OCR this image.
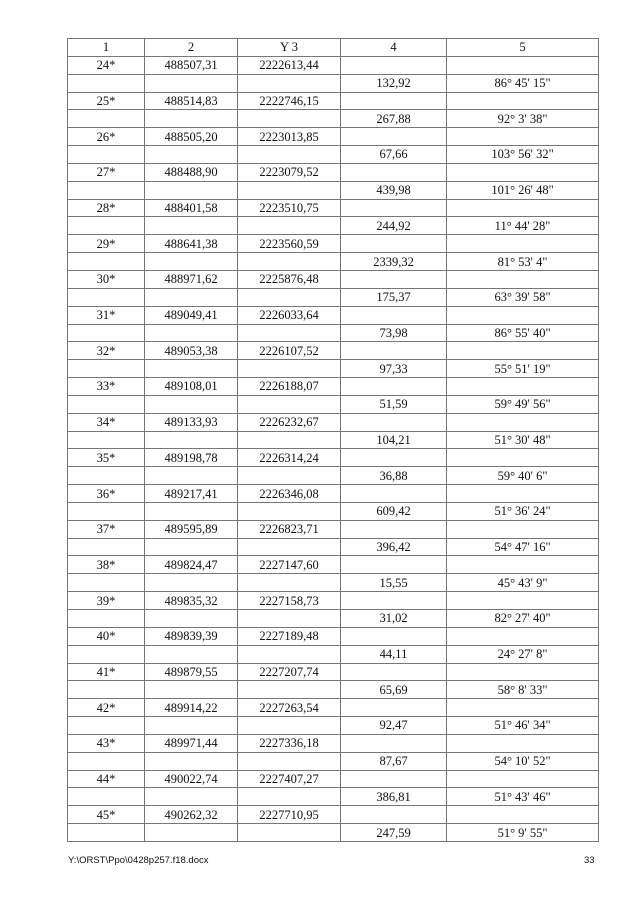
1	2	Y 3	4	5
24*	488507,31	2222613,44		
			132,92	86° 45' 15"
25*	488514,83	2222746,15		
			267,88	92° 3' 38"
26*	488505,20	2223013,85		
			67,66	103° 56' 32"
27*	488488,90	2223079,52		
			439,98	101° 26' 48"
28*	488401,58	2223510,75		
			244,92	11° 44' 28"
29*	488641,38	2223560,59		
			2339,32	81° 53' 4"
30*	488971,62	2225876,48		
			175,37	63° 39' 58"
31*	489049,41	2226033,64		
			73,98	86° 55' 40"
32*	489053,38	2226107,52		
			97,33	55° 51' 19"
33*	489108,01	2226188,07		
			51,59	59° 49' 56"
34*	489133,93	2226232,67		
			104,21	51° 30' 48"
35*	489198,78	2226314,24		
			36,88	59° 40' 6"
36*	489217,41	2226346,08		
			609,42	51° 36' 24"
37*	489595,89	2226823,71		
			396,42	54° 47' 16"
38*	489824,47	2227147,60		
			15,55	45° 43' 9"
39*	489835,32	2227158,73		
			31,02	82° 27' 40"
40*	489839,39	2227189,48		
			44,11	24° 27' 8"
41*	489879,55	2227207,74		
			65,69	58° 8' 33"
42*	489914,22	2227263,54		
			92,47	51° 46' 34"
43*	489971,44	2227336,18		
			87,67	54° 10' 52"
44*	490022,74	2227407,27		
			386,81	51° 43' 46"
45*	490262,32	2227710,95		
			247,59	51° 9' 55"
Y:\ORST\Ppo\0428p257.f18.docx	33
